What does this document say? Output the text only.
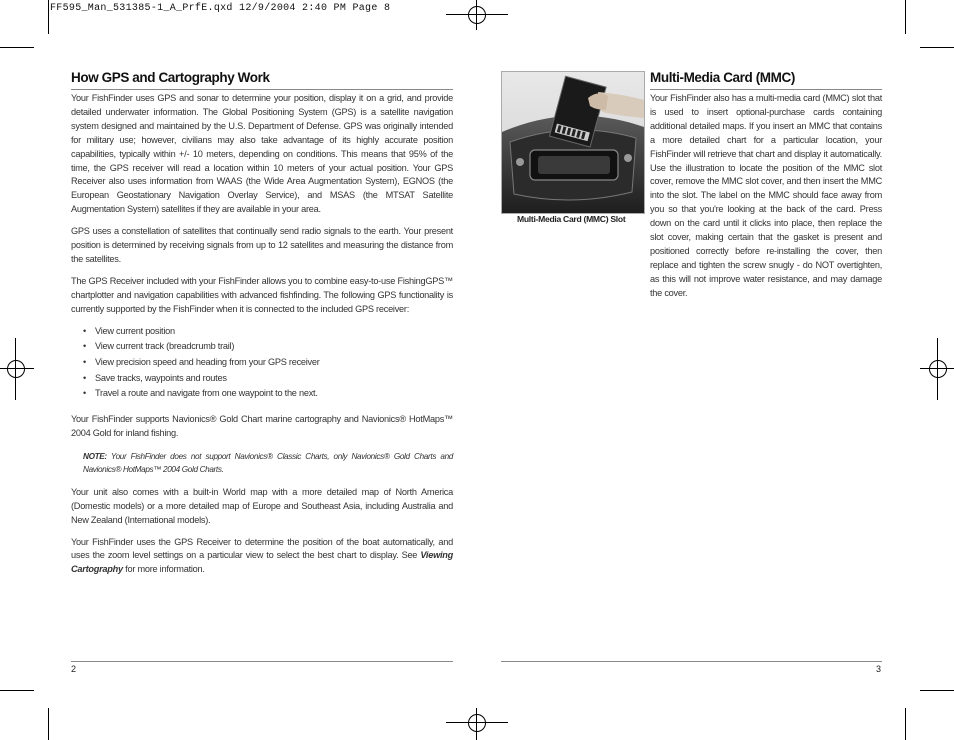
FF595_Man_531385-1_A_PrfE.qxd 12/9/2004 2:40 PM Page 8
How GPS and Cartography Work
Your FishFinder uses GPS and sonar to determine your position, display it on a grid, and provide detailed underwater information. The Global Positioning System (GPS) is a satellite navigation system designed and maintained by the U.S. Department of Defense. GPS was originally intended for military use; however, civilians may also take advantage of its highly accurate position capabilities, typically within +/- 10 meters, depending on conditions. This means that 95% of the time, the GPS receiver will read a location within 10 meters of your actual position. Your GPS Receiver also uses information from WAAS (the Wide Area Augmentation System), EGNOS (the European Geostationary Navigation Overlay Service), and MSAS (the MTSAT Satellite Augmentation System) satellites if they are available in your area.
GPS uses a constellation of satellites that continually send radio signals to the earth. Your present position is determined by receiving signals from up to 12 satellites and measuring the distance from the satellites.
The GPS Receiver included with your FishFinder allows you to combine easy-to-use FishingGPS™ chartplotter and navigation capabilities with advanced fishfinding. The following GPS functionality is currently supported by the FishFinder when it is connected to the included GPS receiver:
• View current position
• View current track (breadcrumb trail)
• View precision speed and heading from your GPS receiver
• Save tracks, waypoints and routes
• Travel a route and navigate from one waypoint to the next.
Your FishFinder supports Navionics® Gold Chart marine cartography and Navionics® HotMaps™ 2004 Gold for inland fishing.
NOTE: Your FishFinder does not support Navionics® Classic Charts, only Navionics® Gold Charts and Navionics® HotMaps™ 2004 Gold Charts.
Your unit also comes with a built-in World map with a more detailed map of North America (Domestic models) or a more detailed map of Europe and Southeast Asia, including Australia and New Zealand (International models).
Your FishFinder uses the GPS Receiver to determine the position of the boat automatically, and uses the zoom level settings on a particular view to select the best chart to display. See Viewing Cartography for more information.
2
Multi-Media Card (MMC) Slot
Multi-Media Card (MMC)
Your FishFinder also has a multi-media card (MMC) slot that is used to insert optional-purchase cards containing additional detailed maps. If you insert an MMC that contains a more detailed chart for a particular location, your FishFinder will retrieve that chart and display it automatically. Use the illustration to locate the position of the MMC slot cover, remove the MMC slot cover, and then insert the MMC into the slot. The label on the MMC should face away from you so that you're looking at the back of the card. Press down on the card until it clicks into place, then replace the slot cover, making certain that the gasket is present and positioned correctly before re-installing the cover, then replace and tighten the screw snugly - do NOT overtighten, as this will not improve water resistance, and may damage the cover.
3
